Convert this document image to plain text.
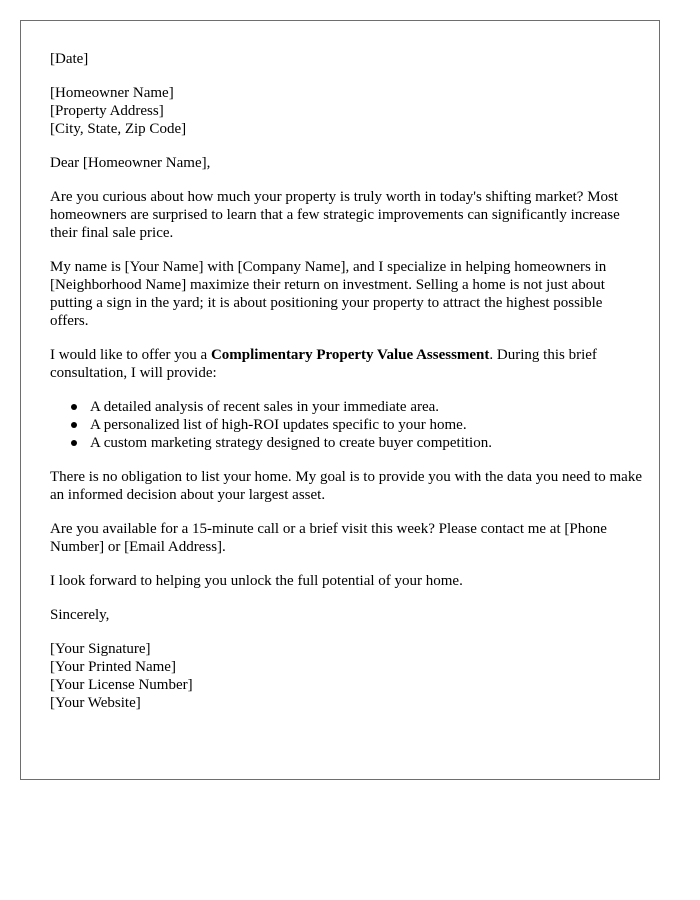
[Date]
[Homeowner Name]
[Property Address]
[City, State, Zip Code]

Dear [Homeowner Name],

Are you curious about how much your property is truly worth in today's shifting market? Most homeowners are surprised to learn that a few strategic improvements can significantly increase their final sale price.

My name is [Your Name] with [Company Name], and I specialize in helping homeowners in [Neighborhood Name] maximize their return on investment. Selling a home is not just about putting a sign in the yard; it is about positioning your property to attract the highest possible offers.

I would like to offer you a Complimentary Property Value Assessment. During this brief consultation, I will provide:

A detailed analysis of recent sales in your immediate area.
A personalized list of high-ROI updates specific to your home.
A custom marketing strategy designed to create buyer competition.

There is no obligation to list your home. My goal is to provide you with the data you need to make an informed decision about your largest asset.

Are you available for a 15-minute call or a brief visit this week? Please contact me at [Phone Number] or [Email Address].

I look forward to helping you unlock the full potential of your home.

Sincerely,

[Your Signature]
[Your Printed Name]
[Your License Number]
[Your Website]
